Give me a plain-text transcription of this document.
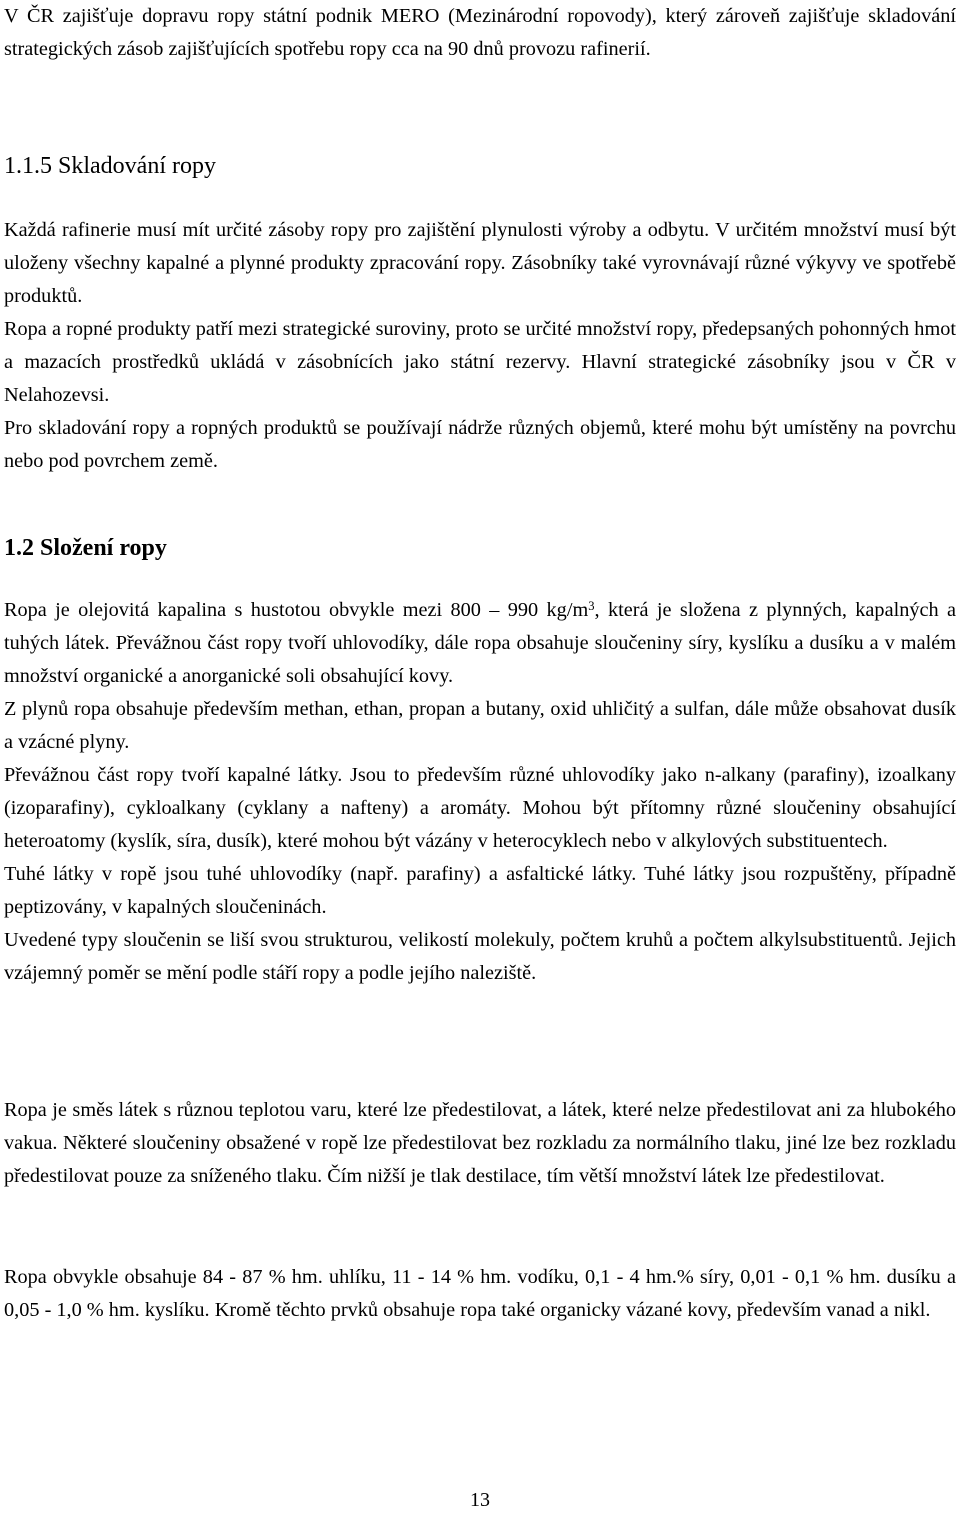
V ČR zajišťuje dopravu ropy státní podnik MERO (Mezinárodní ropovody), který zároveň zajišťuje skladování strategických zásob zajišťujících spotřebu ropy cca na 90 dnů provozu rafinerií.

1.1.5 Skladování ropy

Každá rafinerie musí mít určité zásoby ropy pro zajištění plynulosti výroby a odbytu. V určitém množství musí být uloženy všechny kapalné a plynné produkty zpracování ropy. Zásobníky také vyrovnávají různé výkyvy ve spotřebě produktů.

Ropa a ropné produkty patří mezi strategické suroviny, proto se určité množství ropy, předepsaných pohonných hmot a mazacích prostředků ukládá v zásobnících jako státní rezervy. Hlavní strategické zásobníky jsou v ČR v Nelahozevsi.

Pro skladování ropy a ropných produktů se používají nádrže různých objemů, které mohu být umístěny na povrchu nebo pod povrchem země.

1.2 Složení ropy

Ropa je olejovitá kapalina s hustotou obvykle mezi 800 – 990 $kg/m^3$, která je složena z plynných, kapalných a tuhých látek. Převážnou část ropy tvoří uhlovodíky, dále ropa obsahuje sloučeniny síry, kyslíku a dusíku a v malém množství organické a anorganické soli obsahující kovy.

Z plynů ropa obsahuje především methan, ethan, propan a butany, oxid uhličitý a sulfan, dále může obsahovat dusík a vzácné plyny.

Převážnou část ropy tvoří kapalné látky. Jsou to především různé uhlovodíky jako n-alkany (parafiny), izoalkany (izoparafiny), cykloalkany (cyklany a nafteny) a aromáty. Mohou být přítomny různé sloučeniny obsahující heteroatomy (kyslík, síra, dusík), které mohou být vázány v heterocyklech nebo v alkylových substituentech.

Tuhé látky v ropě jsou tuhé uhlovodíky (např. parafiny) a asfaltické látky. Tuhé látky jsou rozpuštěny, případně peptizovány, v kapalných sloučeninách.

Uvedené typy sloučenin se liší svou strukturou, velikostí molekuly, počtem kruhů a počtem alkylsubstituentů. Jejich vzájemný poměr se mění podle stáří ropy a podle jejího naleziště.

Ropa je směs látek s různou teplotou varu, které lze předestilovat, a látek, které nelze předestilovat ani za hlubokého vakua. Některé sloučeniny obsažené v ropě lze předestilovat bez rozkladu za normálního tlaku, jiné lze bez rozkladu předestilovat pouze za sníženého tlaku. Čím nižší je tlak destilace, tím větší množství látek lze předestilovat.

Ropa obvykle obsahuje 84 - 87 % hm. uhlíku, 11 - 14 % hm. vodíku, 0,1 - 4 hm.% síry, 0,01 - 0,1 % hm. dusíku a 0,05 - 1,0 % hm. kyslíku. Kromě těchto prvků obsahuje ropa také organicky vázané kovy, především vanad a nikl.

13
